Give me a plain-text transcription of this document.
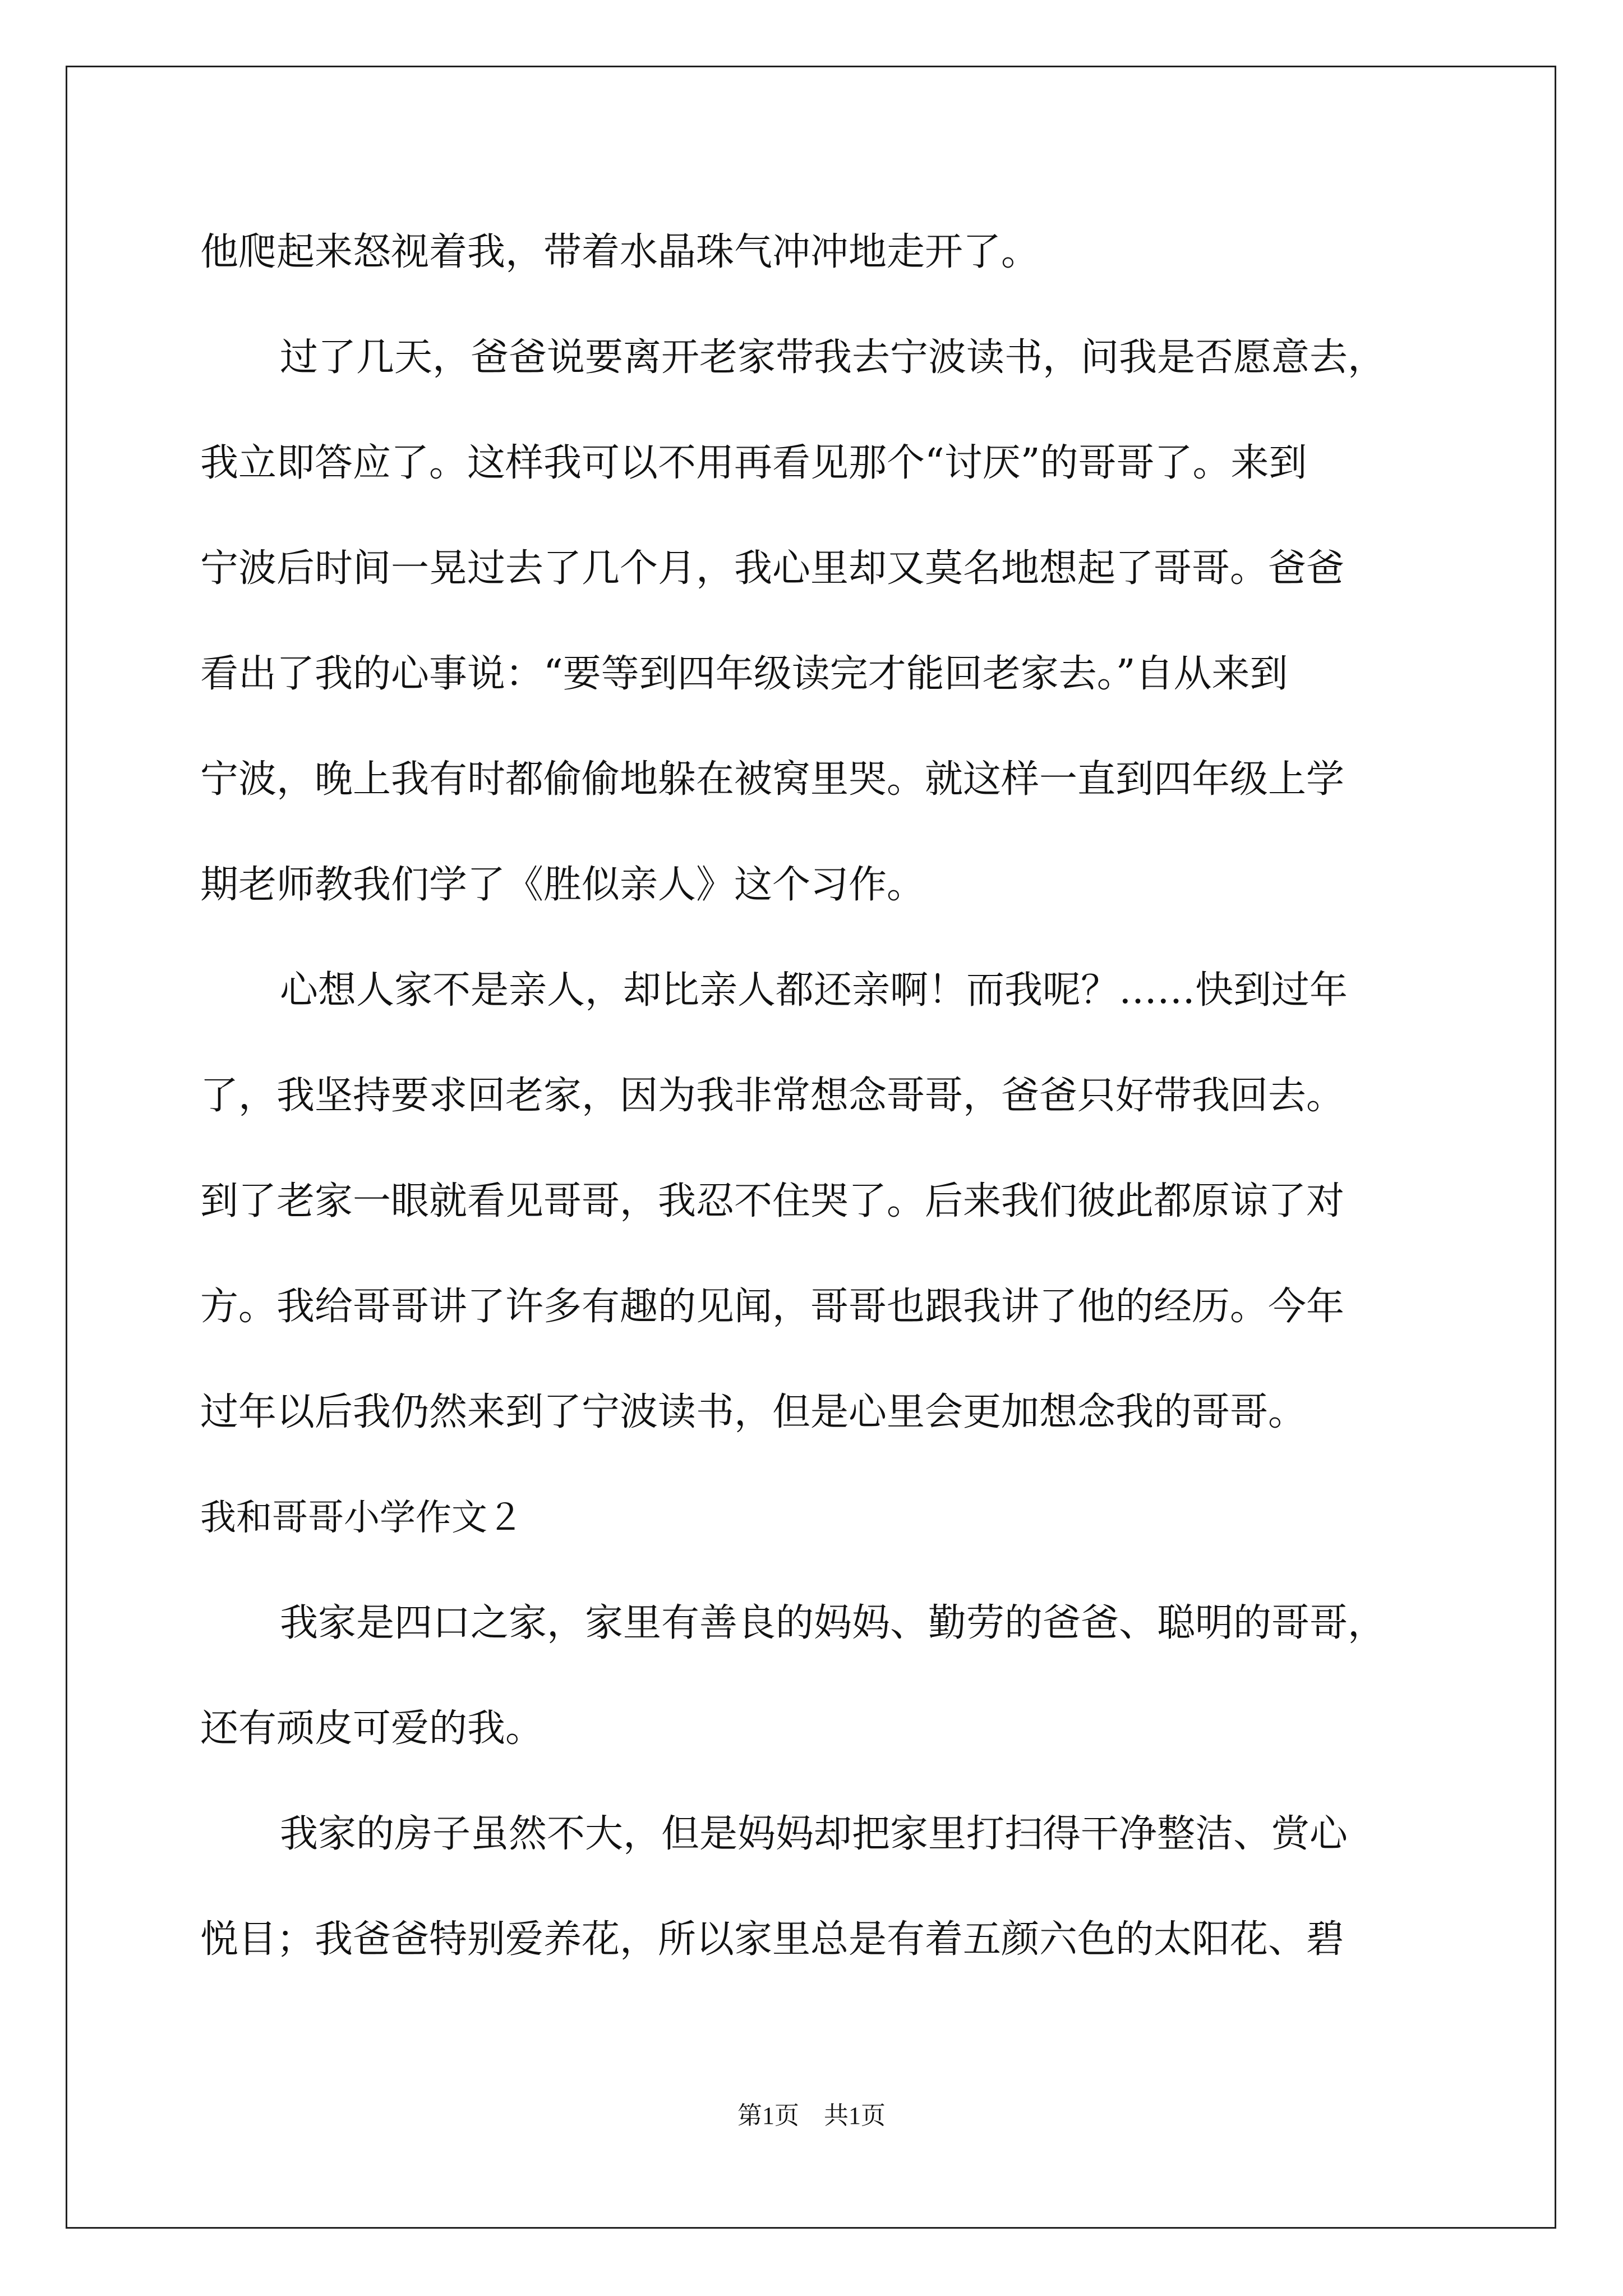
他爬起来怒视着我，带着水晶珠气冲冲地走开了。
过了几天，爸爸说要离开老家带我去宁波读书，问我是否愿意去，
我立即答应了。这样我可以不用再看见那个“讨厌”的哥哥了。来到
宁波后时间一晃过去了几个月，我心里却又莫名地想起了哥哥。爸爸
看出了我的心事说：“要等到四年级读完才能回老家去。”自从来到
宁波，晚上我有时都偷偷地躲在被窝里哭。就这样一直到四年级上学
期老师教我们学了《胜似亲人》这个习作。
心想人家不是亲人，却比亲人都还亲啊！而我呢？……快到过年
了，我坚持要求回老家，因为我非常想念哥哥，爸爸只好带我回去。
到了老家一眼就看见哥哥，我忍不住哭了。后来我们彼此都原谅了对
方。我给哥哥讲了许多有趣的见闻，哥哥也跟我讲了他的经历。今年
过年以后我仍然来到了宁波读书，但是心里会更加想念我的哥哥。
我和哥哥小学作文２
我家是四口之家，家里有善良的妈妈、勤劳的爸爸、聪明的哥哥，
还有顽皮可爱的我。
我家的房子虽然不大，但是妈妈却把家里打扫得干净整洁、赏心
悦目；我爸爸特别爱养花，所以家里总是有着五颜六色的太阳花、碧
第1页　共1页
